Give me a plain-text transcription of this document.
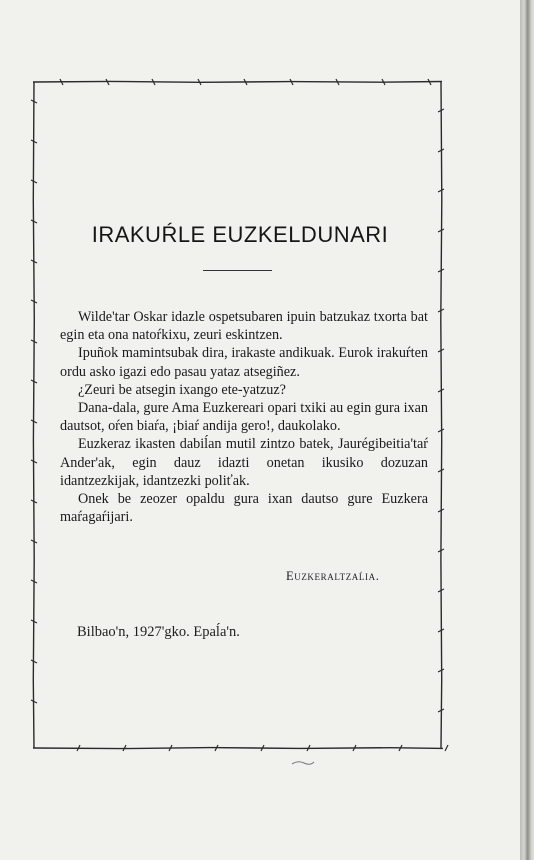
IRAKUŔLE EUZKELDUNARI

Wilde'tar Oskar idazle ospetsubaren ipuin batzukaz txorta bat egin eta ona natoŕkixu, zeuri eskintzen.

Ipuñok mamintsubak dira, irakaste andikuak. Eurok irakuŕten ordu asko igazi edo pasau yataz atsegiñez.

¿Zeuri be atsegin ixango ete-yatzuz?

Dana-dala, gure Ama Euzkereari opari txiki au egin gura ixan dautsot, oŕen biaŕa, ¡biaŕ andija gero!, daukolako.

Euzkeraz ikasten dabiĺan mutil zintzo batek, Jaurégibeitia'taŕ Ander'ak, egin dauz idazti onetan ikusiko dozuzan idantzezkijak, idantzezki poliťak.

Onek be zeozer opaldu gura ixan dautso gure Euzkera maŕagaŕijari.

Euzkeraltzaĺia.
Bilbao'n, 1927'gko. Epaĺa'n.
